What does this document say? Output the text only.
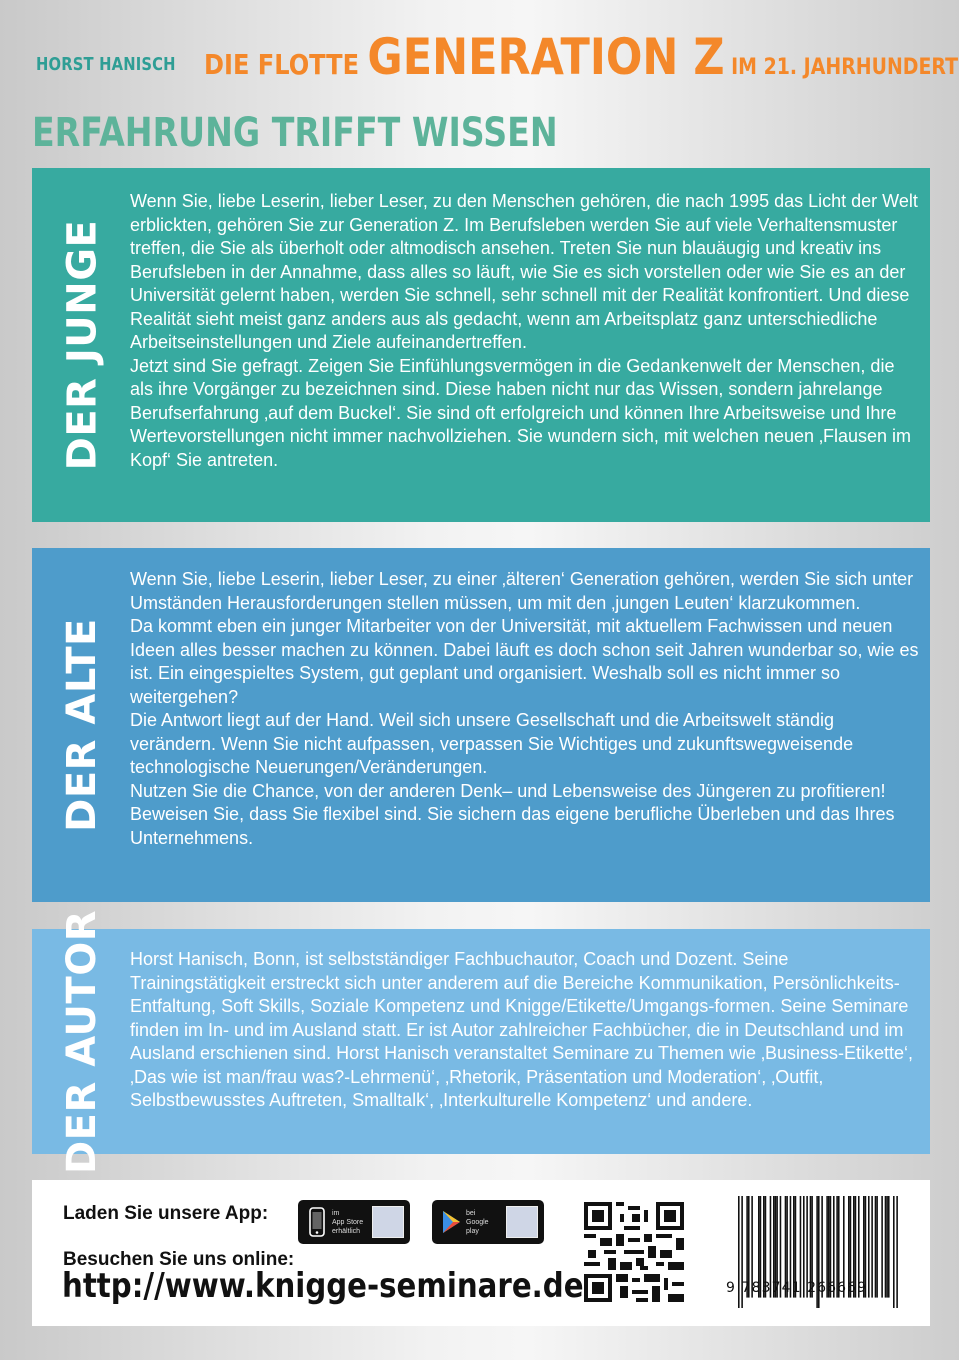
HORST HANISCH DIE FLOTTE GENERATION Z IM 21. JAHRHUNDERT
ERFAHRUNG TRIFFT WISSEN
DER JUNGE

Wenn Sie, liebe Leserin, lieber Leser, zu den Menschen gehören, die nach 1995 das Licht der Welt erblickten, gehören Sie zur Generation Z. Im Berufsleben werden Sie auf viele Verhaltensmuster treffen, die Sie als überholt oder altmodisch ansehen. Treten Sie nun blauäugig und kreativ ins Berufsleben in der Annahme, dass alles so läuft, wie Sie es sich vorstellen oder wie Sie es an der Universität gelernt haben, werden Sie schnell, sehr schnell mit der Realität konfrontiert. Und diese Realität sieht meist ganz anders aus als gedacht, wenn am Arbeitsplatz ganz unterschiedliche Arbeitseinstellungen und Ziele aufeinandertreffen.

Jetzt sind Sie gefragt. Zeigen Sie Einfühlungsvermögen in die Gedankenwelt der Menschen, die als ihre Vorgänger zu bezeichnen sind. Diese haben nicht nur das Wissen, sondern jahrelange Berufserfahrung ‚auf dem Buckel‘. Sie sind oft erfolgreich und können Ihre Arbeitsweise und Ihre Wertevorstellungen nicht immer nachvollziehen. Sie wundern sich, mit welchen neuen ‚Flausen im Kopf‘ Sie antreten.

DER ALTE

Wenn Sie, liebe Leserin, lieber Leser, zu einer ‚älteren‘ Generation gehören, werden Sie sich unter Umständen Herausforderungen stellen müssen, um mit den ‚jungen Leuten‘ klarzukommen.

Da kommt eben ein junger Mitarbeiter von der Universität, mit aktuellem Fachwissen und neuen Ideen alles besser machen zu können. Dabei läuft es doch schon seit Jahren wunderbar so, wie es ist. Ein eingespieltes System, gut geplant und organisiert. Weshalb soll es nicht immer so weitergehen?

Die Antwort liegt auf der Hand. Weil sich unsere Gesellschaft und die Arbeitswelt ständig verändern. Wenn Sie nicht aufpassen, verpassen Sie Wichtiges und zukunftswegweisende technologische Neuerungen/Veränderungen.

Nutzen Sie die Chance, von der anderen Denk– und Lebensweise des Jüngeren zu profitieren! Beweisen Sie, dass Sie flexibel sind. Sie sichern das eigene berufliche Überleben und das Ihres Unternehmens.

DER AUTOR Horst Hanisch, Bonn, ist selbstständiger Fachbuchautor, Coach und Dozent. Seine Trainingstätigkeit erstreckt sich unter anderem auf die Bereiche Kommunikation, Persönlichkeits-Entfaltung, Soft Skills, Soziale Kompetenz und Knigge/Etikette/Umgangs-formen. Seine Seminare finden im In- und im Ausland statt. Er ist Autor zahlreicher Fachbücher, die in Deutschland und im Ausland erschienen sind. Horst Hanisch veranstaltet Seminare zu Themen wie ‚Business-Etikette‘, ‚Das wie ist man/frau was?-Lehrmenü‘, ‚Rhetorik, Präsentation und Moderation‘, ‚Outfit, Selbstbewusstes Auftreten, Smalltalk‘, ‚Interkulturelle Kompetenz‘ und andere.

Laden Sie unsere App:	im
App Store
erhältlich
bei
Google
play
Besuchen Sie uns online:
http://www.knigge-seminare.de	9 783741 266669
